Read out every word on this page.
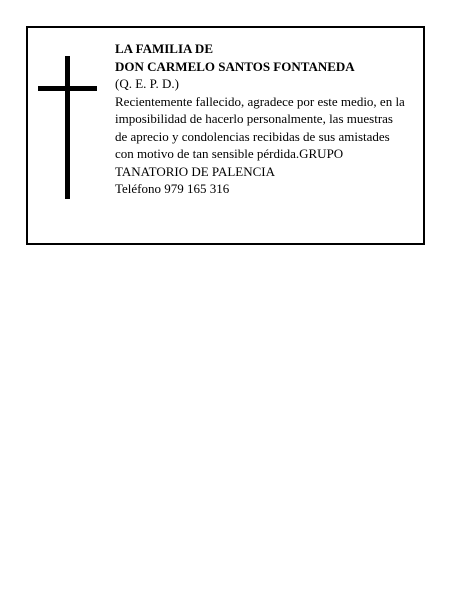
LA FAMILIA DE
DON CARMELO SANTOS FONTANEDA
(Q. E. P. D.)
Recientemente fallecido, agradece por este medio, en la
imposibilidad de hacerlo personalmente, las muestras
de aprecio y condolencias recibidas de sus amistades
con motivo de tan sensible pérdida.GRUPO
TANATORIO DE PALENCIA
Teléfono 979 165 316
